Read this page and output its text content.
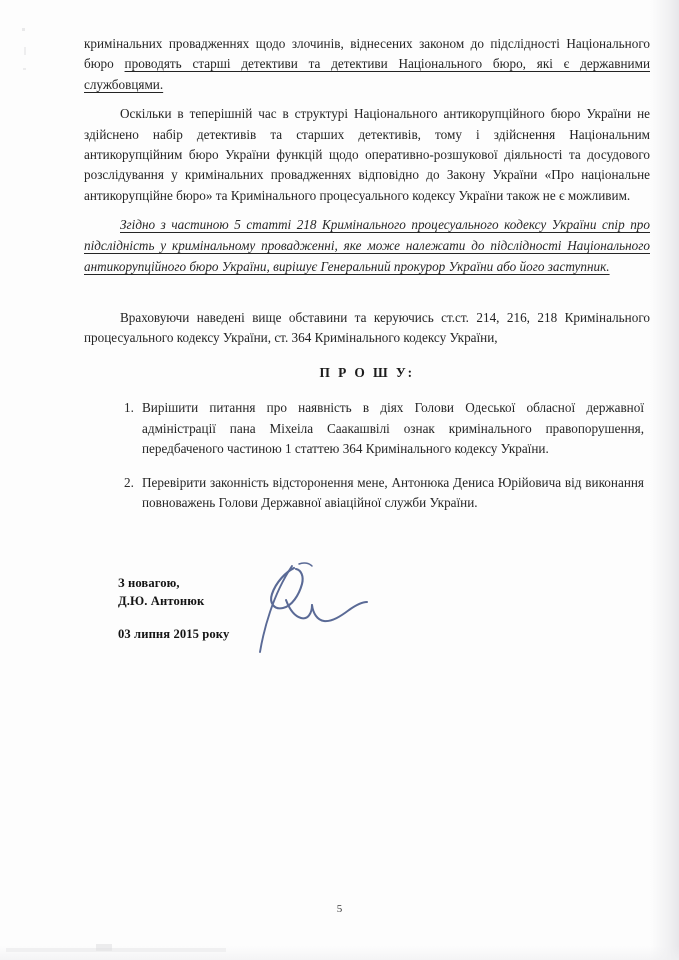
кримінальних провадженнях щодо злочинів, віднесених законом до підслідності Національного бюро проводять старші детективи та детективи Національного бюро, які є державними службовцями.

Оскільки в теперішній час в структурі Національного антикорупційного бюро України не здійснено набір детективів та старших детективів, тому і здійснення Національним антикорупційним бюро України функцій щодо оперативно-розшукової діяльності та досудового розслідування у кримінальних провадженнях відповідно до Закону України «Про національне антикорупційне бюро» та Кримінального процесуального кодексу України також не є можливим.

Згідно з частиною 5 статті 218 Кримінального процесуального кодексу України спір про підслідність у кримінальному провадженні, яке може належати до підслідності Національного антикорупційного бюро України, вирішує Генеральний прокурор України або його заступник.

Враховуючи наведені вище обставини та керуючись ст.ст. 214, 216, 218 Кримінального процесуального кодексу України, ст. 364 Кримінального кодексу України,

П Р О Ш У:

1. Вирішити питання про наявність в діях Голови Одеської обласної державної адміністрації пана Міхеіла Саакашвілі ознак кримінального правопорушення, передбаченого частиною 1 статтею 364 Кримінального кодексу України.
2. Перевірити законність відсторонення мене, Антонюка Дениса Юрійовича від виконання повноважень Голови Державної авіаційної служби України.
З новагою,
Д.Ю. Антонюк
03 липня 2015 року
5
